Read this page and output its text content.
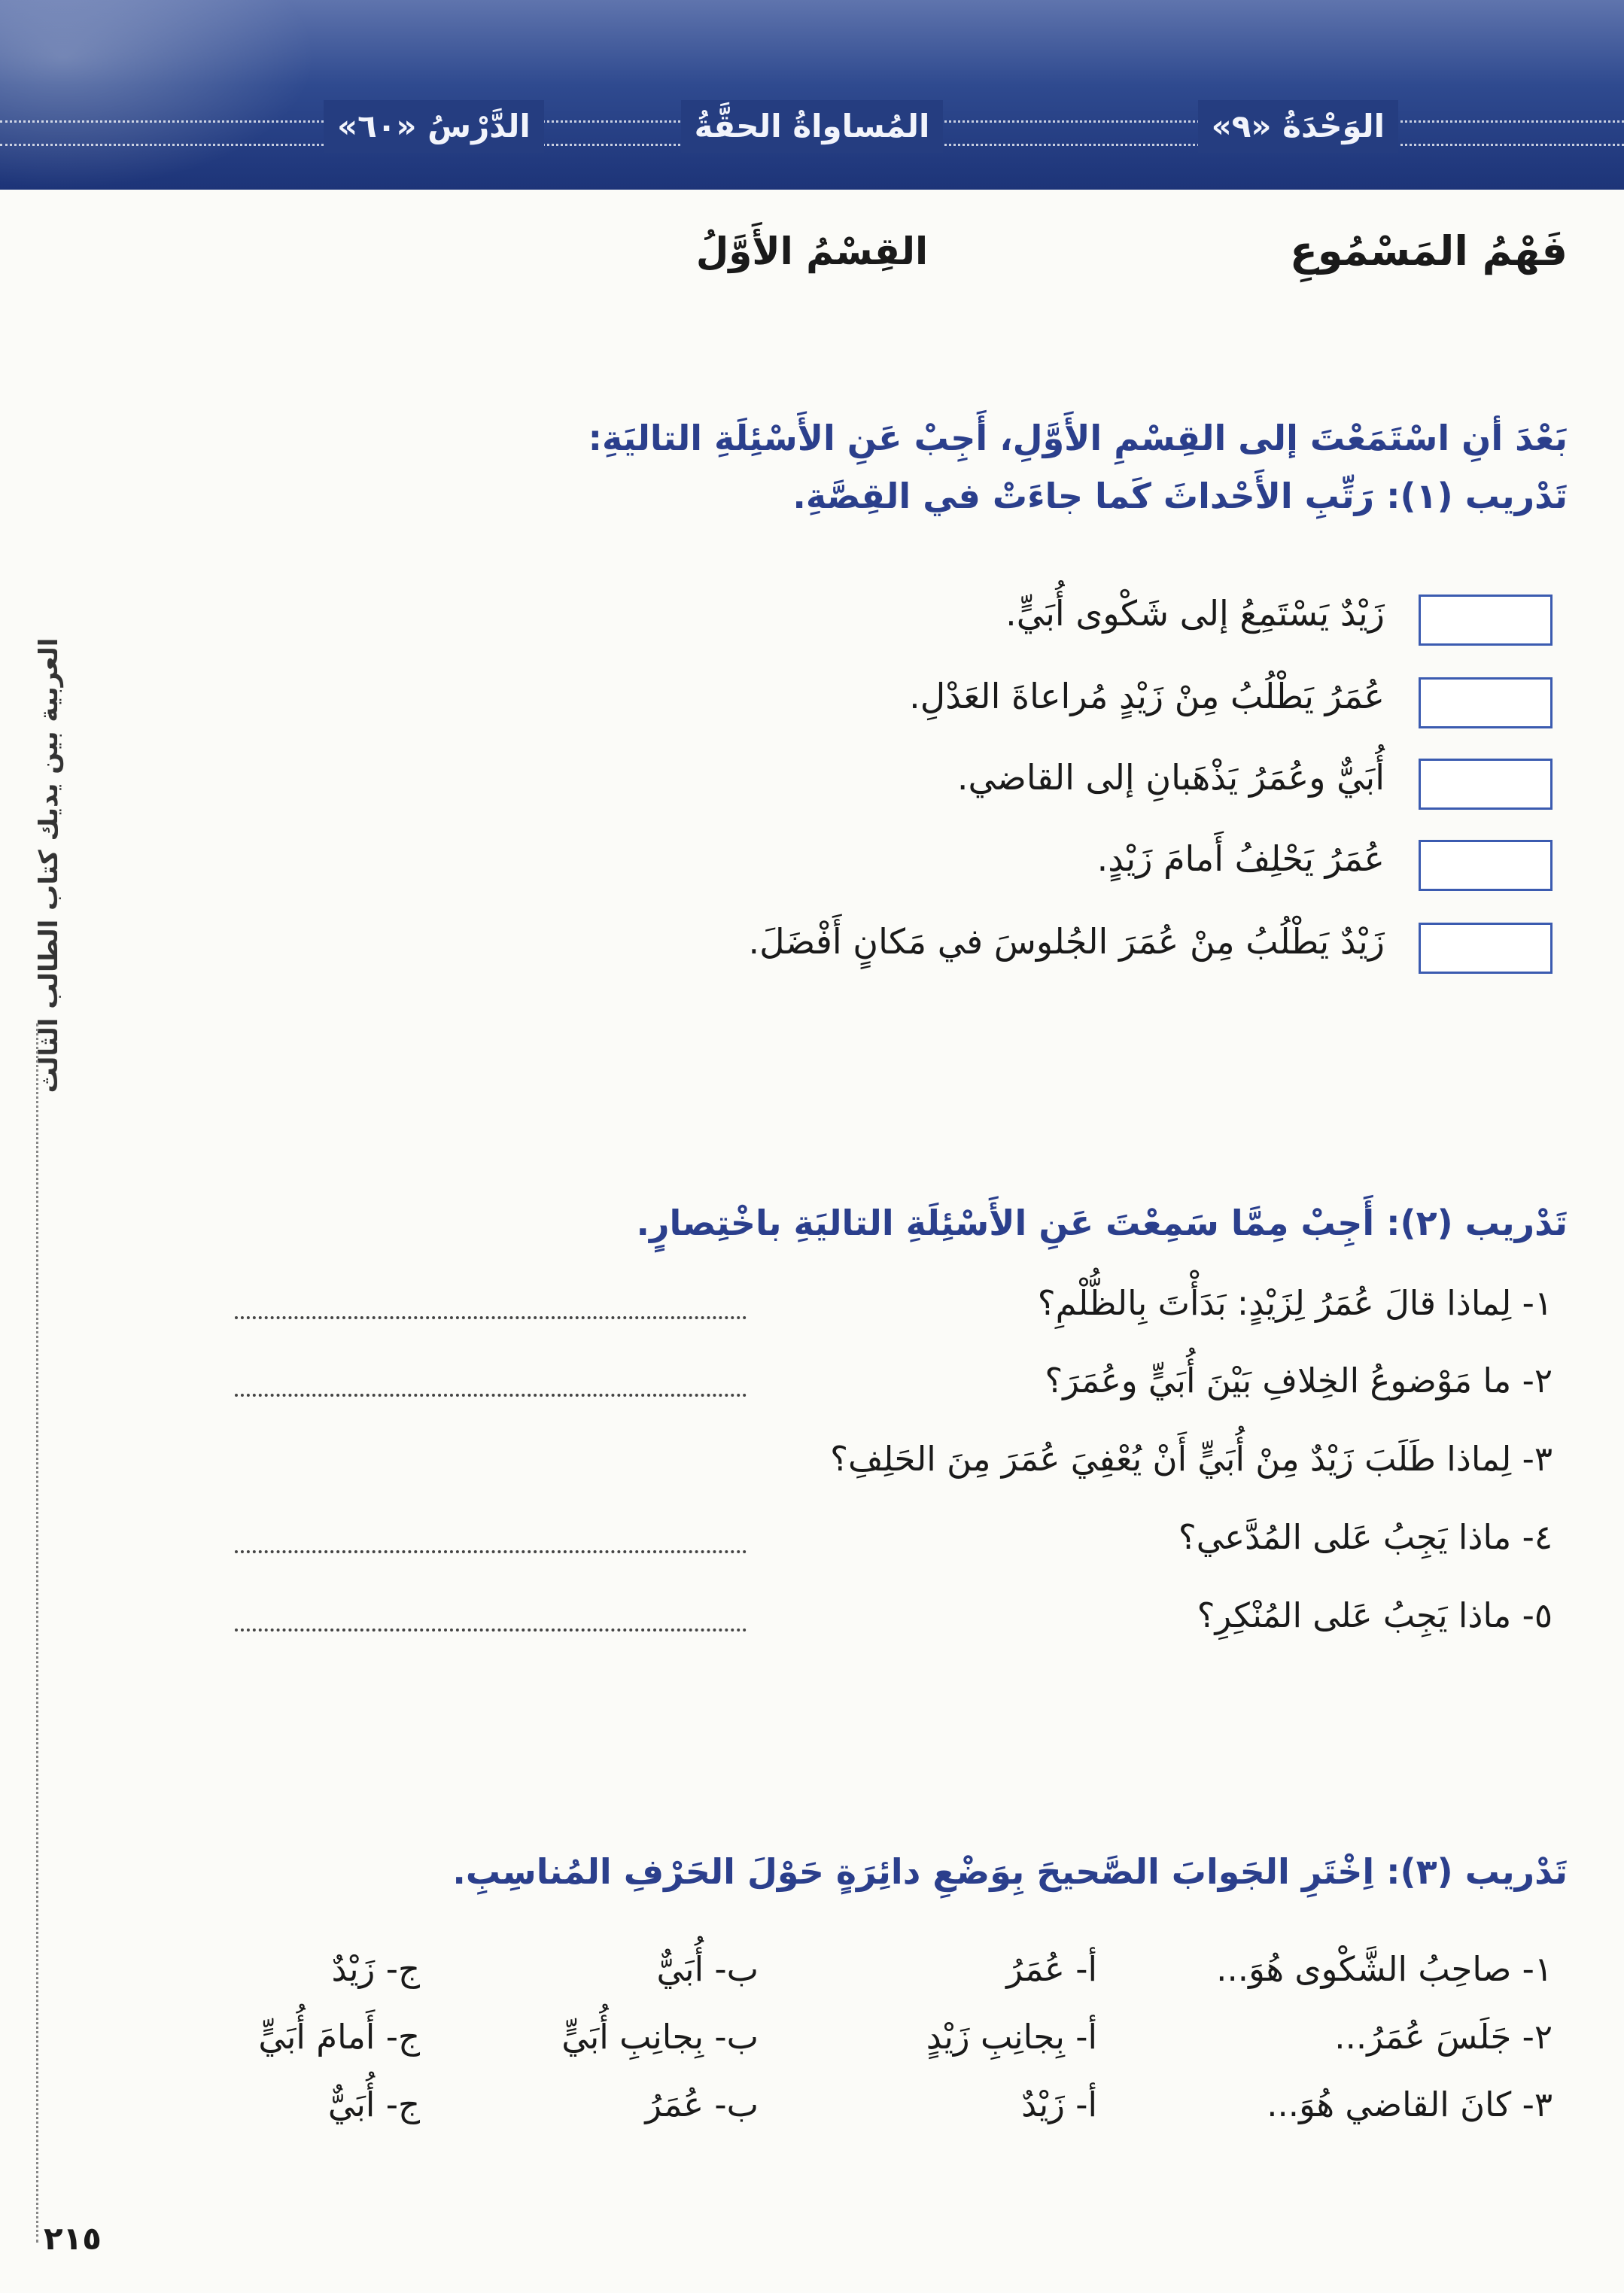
الوَحْدَةُ «٩»
المُساواةُ الحقَّةُ
الدَّرْسُ «٦٠»
العربية بين يديك كتاب الطالب الثالث
فَهْمُ المَسْمُوعِ
القِسْمُ الأَوَّلُ
بَعْدَ أنِ اسْتَمَعْتَ إلى القِسْمِ الأَوَّلِ، أَجِبْ عَنِ الأَسْئِلَةِ التاليَةِ:
تَدْريب (١): رَتِّبِ الأَحْداثَ كَما جاءَتْ في القِصَّةِ.
زَيْدٌ يَسْتَمِعُ إلى شَكْوى أُبَيٍّ.
عُمَرُ يَطْلُبُ مِنْ زَيْدٍ مُراعاةَ العَدْلِ.
أُبَيٌّ وعُمَرُ يَذْهَبانِ إلى القاضي.
عُمَرُ يَحْلِفُ أَمامَ زَيْدٍ.
زَيْدٌ يَطْلُبُ مِنْ عُمَرَ الجُلوسَ في مَكانٍ أَفْضَلَ.
تَدْريب (٢): أَجِبْ مِمَّا سَمِعْتَ عَنِ الأَسْئِلَةِ التاليَةِ باخْتِصارٍ.
١- لِماذا قالَ عُمَرُ لِزَيْدٍ: بَدَأْتَ بِالظُّلْمِ؟
٢- ما مَوْضوعُ الخِلافِ بَيْنَ أُبَيٍّ وعُمَرَ؟
٣- لِماذا طَلَبَ زَيْدٌ مِنْ أُبَيٍّ أَنْ يُعْفِيَ عُمَرَ مِنَ الحَلِفِ؟
٤- ماذا يَجِبُ عَلى المُدَّعي؟
٥- ماذا يَجِبُ عَلى المُنْكِرِ؟
تَدْريب (٣): اِخْتَرِ الجَوابَ الصَّحيحَ بِوَضْعِ دائِرَةٍ حَوْلَ الحَرْفِ المُناسِبِ.
١- صاحِبُ الشَّكْوى هُوَ...
أ- عُمَرُ
ب- أُبَيٌّ
ج- زَيْدٌ
٢- جَلَسَ عُمَرُ...
أ- بِجانِبِ زَيْدٍ
ب- بِجانِبِ أُبَيٍّ
ج- أَمامَ أُبَيٍّ
٣- كانَ القاضي هُوَ...
أ- زَيْدٌ
ب- عُمَرُ
ج- أُبَيٌّ
٢١٥
